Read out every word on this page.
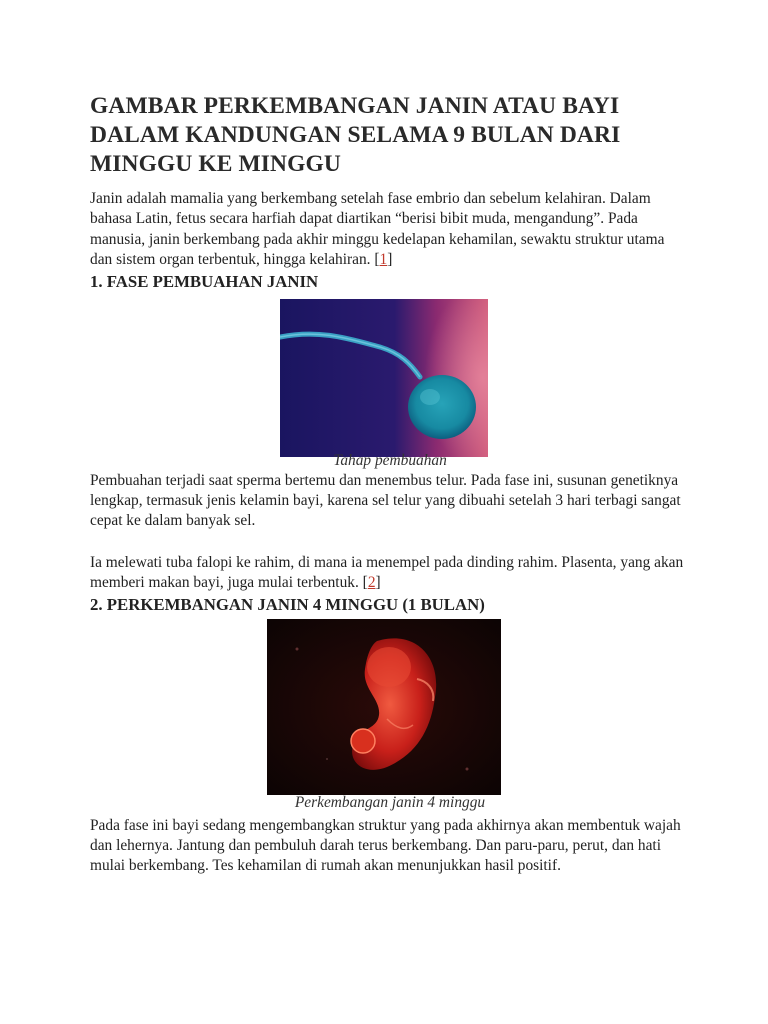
GAMBAR PERKEMBANGAN JANIN ATAU BAYI DALAM KANDUNGAN SELAMA 9 BULAN DARI MINGGU KE MINGGU

Janin adalah mamalia yang berkembang setelah fase embrio dan sebelum kelahiran. Dalam bahasa Latin, fetus secara harfiah dapat diartikan “berisi bibit muda, mengandung”. Pada manusia, janin berkembang pada akhir minggu kedelapan kehamilan, sewaktu struktur utama dan sistem organ terbentuk, hingga kelahiran. [1]

1. FASE PEMBUAHAN JANIN
Tahap pembuahan

Pembuahan terjadi saat sperma bertemu dan menembus telur. Pada fase ini, susunan genetiknya lengkap, termasuk jenis kelamin bayi, karena sel telur yang dibuahi setelah 3 hari terbagi sangat cepat ke dalam banyak sel.

Ia melewati tuba falopi ke rahim, di mana ia menempel pada dinding rahim. Plasenta, yang akan memberi makan bayi, juga mulai terbentuk. [2]

2. PERKEMBANGAN JANIN 4 MINGGU (1 BULAN)
Perkembangan janin 4 minggu

Pada fase ini bayi sedang mengembangkan struktur yang pada akhirnya akan membentuk wajah dan lehernya. Jantung dan pembuluh darah terus berkembang. Dan paru-paru, perut, dan hati mulai berkembang. Tes kehamilan di rumah akan menunjukkan hasil positif.
